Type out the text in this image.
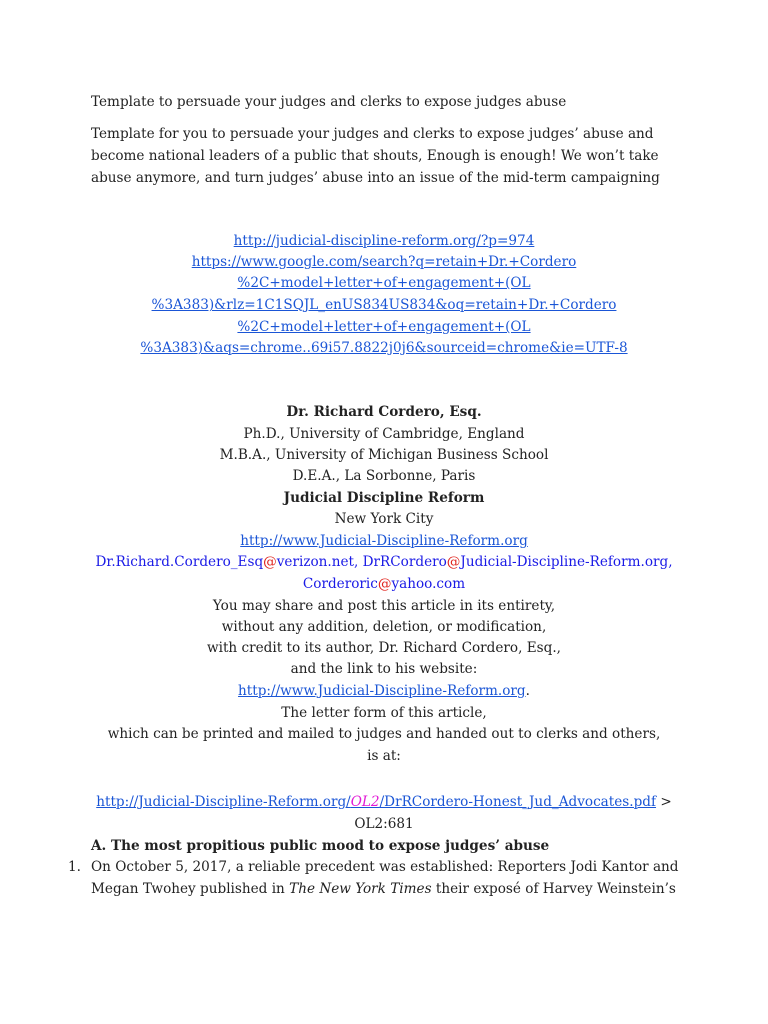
Template to persuade your judges and clerks to expose judges abuse
Template for you to persuade your judges and clerks to expose judges’ abuse and
become national leaders of a public that shouts, Enough is enough! We won’t take
abuse anymore, and turn judges’ abuse into an issue of the mid-term campaigning
http://judicial-discipline-reform.org/?p=974
https://www.google.com/search?q=retain+Dr.+Cordero
%2C+model+letter+of+engagement+(OL
%3A383)&rlz=1C1SQJL_enUS834US834&oq=retain+Dr.+Cordero
%2C+model+letter+of+engagement+(OL
%3A383)&aqs=chrome..69i57.8822j0j6&sourceid=chrome&ie=UTF-8
Dr. Richard Cordero, Esq.
Ph.D., University of Cambridge, England
M.B.A., University of Michigan Business School
D.E.A., La Sorbonne, Paris
Judicial Discipline Reform
New York City
http://www.Judicial-Discipline-Reform.org
Dr.Richard.Cordero_Esq@verizon.net, DrRCordero@Judicial-Discipline-Reform.org,
Corderoric@yahoo.com
You may share and post this article in its entirety,
without any addition, deletion, or modification,
with credit to its author, Dr. Richard Cordero, Esq.,
and the link to his website:
http://www.Judicial-Discipline-Reform.org.
The letter form of this article,
which can be printed and mailed to judges and handed out to clerks and others,
is at:
http://Judicial-Discipline-Reform.org/OL2/DrRCordero-Honest_Jud_Advocates.pdf >
OL2:681
A. The most propitious public mood to expose judges’ abuse
1. On October 5, 2017, a reliable precedent was established: Reporters Jodi Kantor and
Megan Twohey published in The New York Times their exposé of Harvey Weinstein’s
